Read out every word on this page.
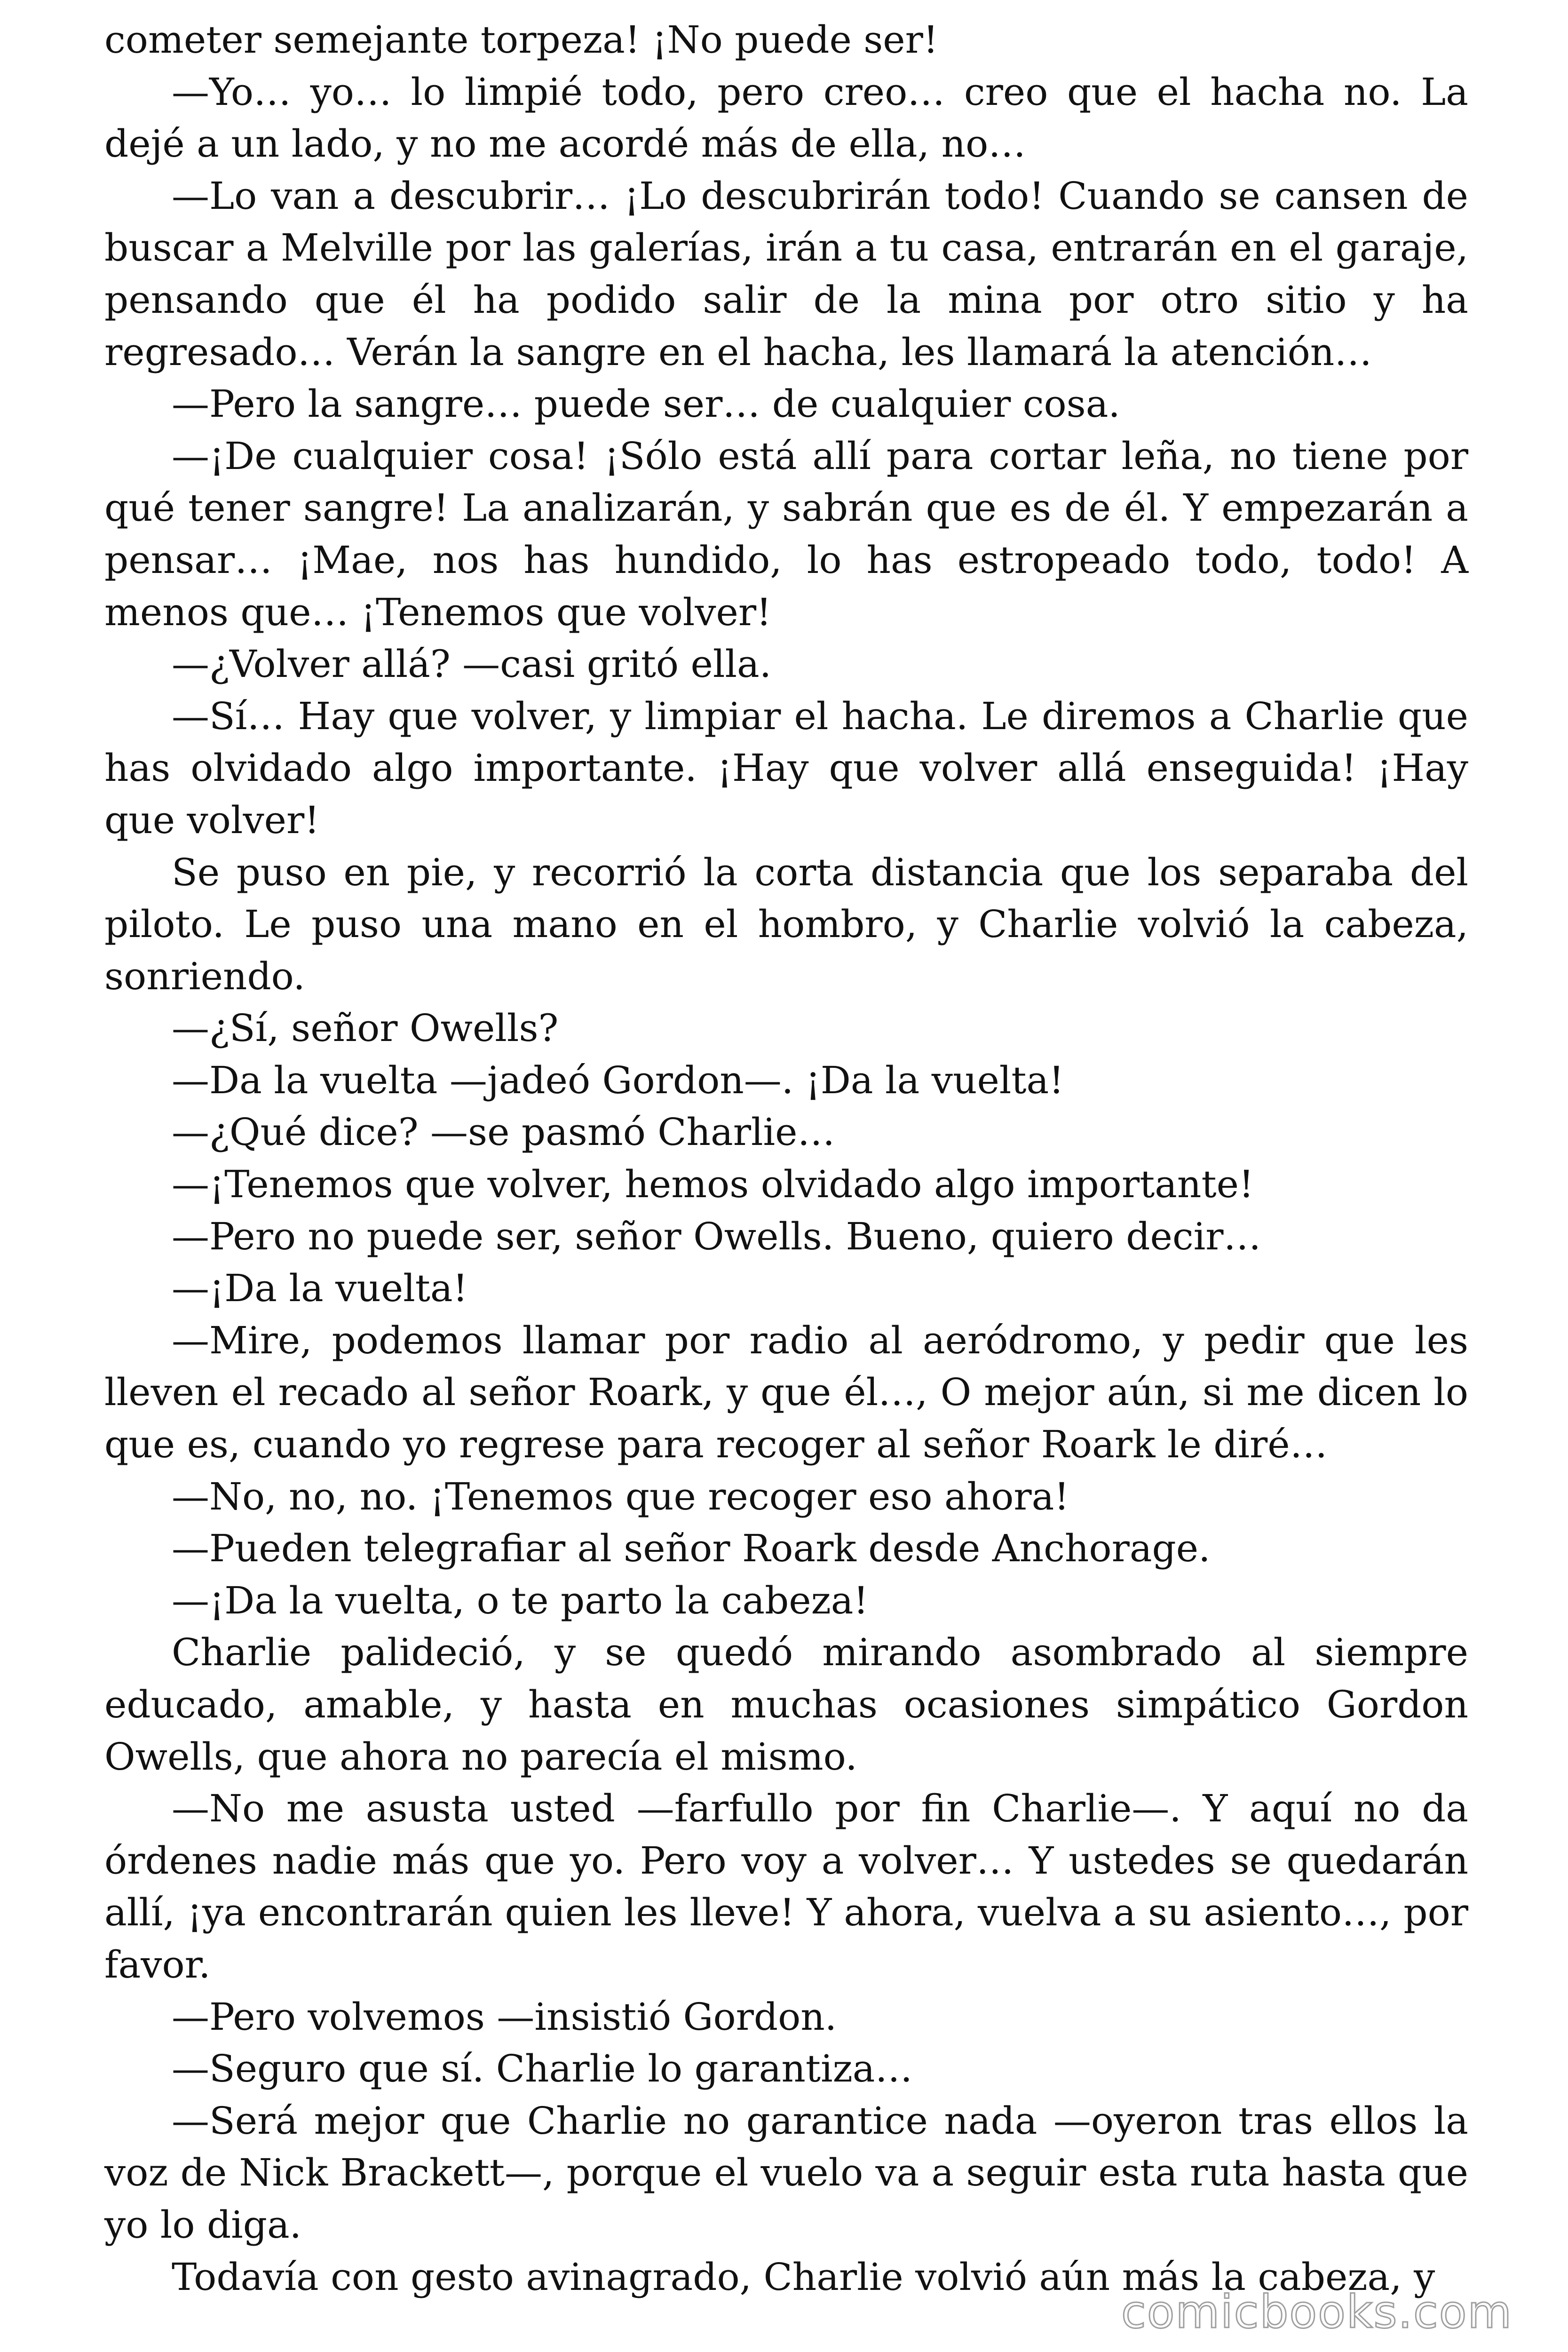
cometer semejante torpeza! ¡No puede ser!

—Yo… yo… lo limpié todo, pero creo… creo que el hacha no. La dejé a un lado, y no me acordé más de ella, no…

—Lo van a descubrir… ¡Lo descubrirán todo! Cuando se cansen de buscar a Melville por las galerías, irán a tu casa, entrarán en el garaje, pensando que él ha podido salir de la mina por otro sitio y ha regresado… Verán la sangre en el hacha, les llamará la atención…

—Pero la sangre… puede ser… de cualquier cosa.

—¡De cualquier cosa! ¡Sólo está allí para cortar leña, no tiene por qué tener sangre! La analizarán, y sabrán que es de él. Y empezarán a pensar… ¡Mae, nos has hundido, lo has estropeado todo, todo! A menos que… ¡Tenemos que volver!

—¿Volver allá? —casi gritó ella.

—Sí… Hay que volver, y limpiar el hacha. Le diremos a Charlie que has olvidado algo importante. ¡Hay que volver allá enseguida! ¡Hay que volver!

Se puso en pie, y recorrió la corta distancia que los separaba del piloto. Le puso una mano en el hombro, y Charlie volvió la cabeza, sonriendo.

—¿Sí, señor Owells?

—Da la vuelta —jadeó Gordon—. ¡Da la vuelta!

—¿Qué dice? —se pasmó Charlie…

—¡Tenemos que volver, hemos olvidado algo importante!

—Pero no puede ser, señor Owells. Bueno, quiero decir…

—¡Da la vuelta!

—Mire, podemos llamar por radio al aeródromo, y pedir que les lleven el recado al señor Roark, y que él…, O mejor aún, si me dicen lo que es, cuando yo regrese para recoger al señor Roark le diré…

—No, no, no. ¡Tenemos que recoger eso ahora!

—Pueden telegrafiar al señor Roark desde Anchorage.

—¡Da la vuelta, o te parto la cabeza!

Charlie palideció, y se quedó mirando asombrado al siempre educado, amable, y hasta en muchas ocasiones simpático Gordon Owells, que ahora no parecía el mismo.

—No me asusta usted —farfullo por fin Charlie—. Y aquí no da órdenes nadie más que yo. Pero voy a volver… Y ustedes se quedarán allí, ¡ya encontrarán quien les lleve! Y ahora, vuelva a su asiento…, por favor.

—Pero volvemos —insistió Gordon.

—Seguro que sí. Charlie lo garantiza…

—Será mejor que Charlie no garantice nada —oyeron tras ellos la voz de Nick Brackett—, porque el vuelo va a seguir esta ruta hasta que yo lo diga.

Todavía con gesto avinagrado, Charlie volvió aún más la cabeza, y

comicbooks.com
